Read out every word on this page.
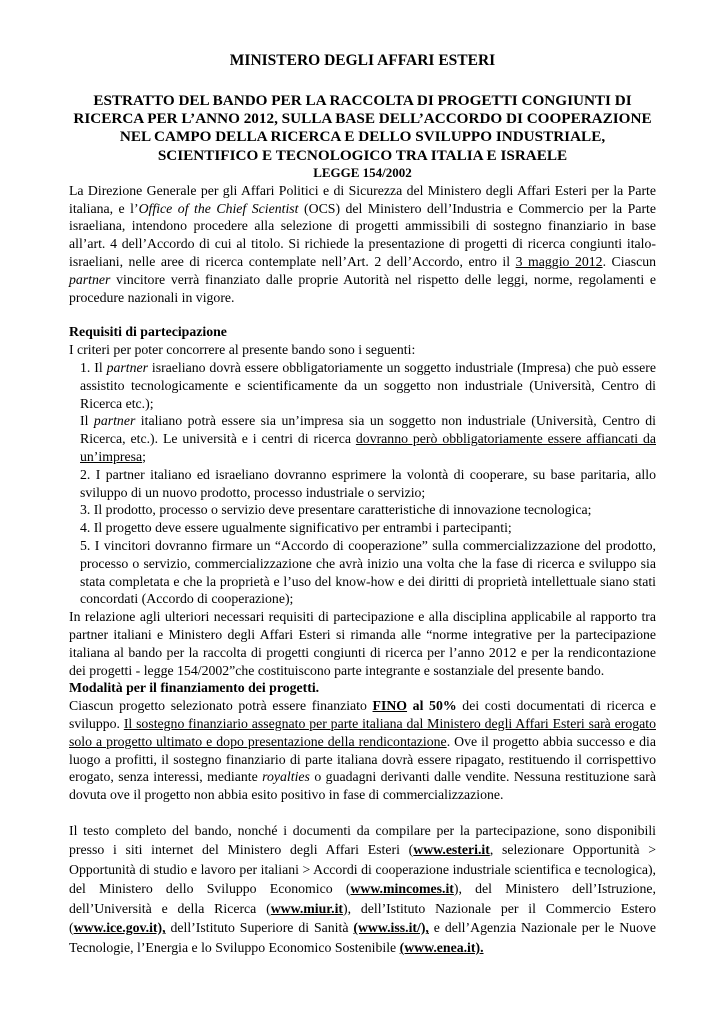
MINISTERO DEGLI AFFARI ESTERI
ESTRATTO DEL BANDO PER LA RACCOLTA DI PROGETTI CONGIUNTI DI RICERCA PER L’ANNO 2012, SULLA BASE DELL’ACCORDO DI COOPERAZIONE NEL CAMPO DELLA RICERCA E DELLO SVILUPPO INDUSTRIALE, SCIENTIFICO E TECNOLOGICO TRA ITALIA E ISRAELE
LEGGE 154/2002

La Direzione Generale per gli Affari Politici e di Sicurezza del Ministero degli Affari Esteri per la Parte italiana, e l’Office of the Chief Scientist (OCS) del Ministero dell’Industria e Commercio per la Parte israeliana, intendono procedere alla selezione di progetti ammissibili di sostegno finanziario in base all’art. 4 dell’Accordo di cui al titolo. Si richiede la presentazione di progetti di ricerca congiunti italo-israeliani, nelle aree di ricerca contemplate nell’Art. 2 dell’Accordo, entro il 3 maggio 2012. Ciascun partner vincitore verrà finanziato dalle proprie Autorità nel rispetto delle leggi, norme, regolamenti e procedure nazionali in vigore.

Requisiti di partecipazione

I criteri per poter concorrere al presente bando sono i seguenti:

1. Il partner israeliano dovrà essere obbligatoriamente un soggetto industriale (Impresa) che può essere assistito tecnologicamente e scientificamente da un soggetto non industriale (Università, Centro di Ricerca etc.);

Il partner italiano potrà essere sia un’impresa sia un soggetto non industriale (Università, Centro di Ricerca, etc.). Le università e i centri di ricerca dovranno però obbligatoriamente essere affiancati da un’impresa;

2. I partner italiano ed israeliano dovranno esprimere la volontà di cooperare, su base paritaria, allo sviluppo di un nuovo prodotto, processo industriale o servizio;

3. Il prodotto, processo o servizio deve presentare caratteristiche di innovazione tecnologica;

4. Il progetto deve essere ugualmente significativo per entrambi i partecipanti;

5. I vincitori dovranno firmare un “Accordo di cooperazione” sulla commercializzazione del prodotto, processo o servizio, commercializzazione che avrà inizio una volta che la fase di ricerca e sviluppo sia stata completata e che la proprietà e l’uso del know-how e dei diritti di proprietà intellettuale siano stati concordati (Accordo di cooperazione);

In relazione agli ulteriori necessari requisiti di partecipazione e alla disciplina applicabile al rapporto tra partner italiani e Ministero degli Affari Esteri si rimanda alle “norme integrative per la partecipazione italiana al bando per la raccolta di progetti congiunti di ricerca per l’anno 2012 e per la rendicontazione dei progetti - legge 154/2002”che costituiscono parte integrante e sostanziale del presente bando.

Modalità per il finanziamento dei progetti.

Ciascun progetto selezionato potrà essere finanziato FINO al 50% dei costi documentati di ricerca e sviluppo. Il sostegno finanziario assegnato per parte italiana dal Ministero degli Affari Esteri sarà erogato solo a progetto ultimato e dopo presentazione della rendicontazione. Ove il progetto abbia successo e dia luogo a profitti, il sostegno finanziario di parte italiana dovrà essere ripagato, restituendo il corrispettivo erogato, senza interessi, mediante royalties o guadagni derivanti dalle vendite. Nessuna restituzione sarà dovuta ove il progetto non abbia esito positivo in fase di commercializzazione.

Il testo completo del bando, nonché i documenti da compilare per la partecipazione, sono disponibili presso i siti internet del Ministero degli Affari Esteri (www.esteri.it, selezionare Opportunità > Opportunità di studio e lavoro per italiani > Accordi di cooperazione industriale scientifica e tecnologica), del Ministero dello Sviluppo Economico (www.mincomes.it), del Ministero dell’Istruzione, dell’Università e della Ricerca (www.miur.it), dell’Istituto Nazionale per il Commercio Estero (www.ice.gov.it), dell’Istituto Superiore di Sanità (www.iss.it/), e dell’Agenzia Nazionale per le Nuove Tecnologie, l’Energia e lo Sviluppo Economico Sostenibile (www.enea.it).
